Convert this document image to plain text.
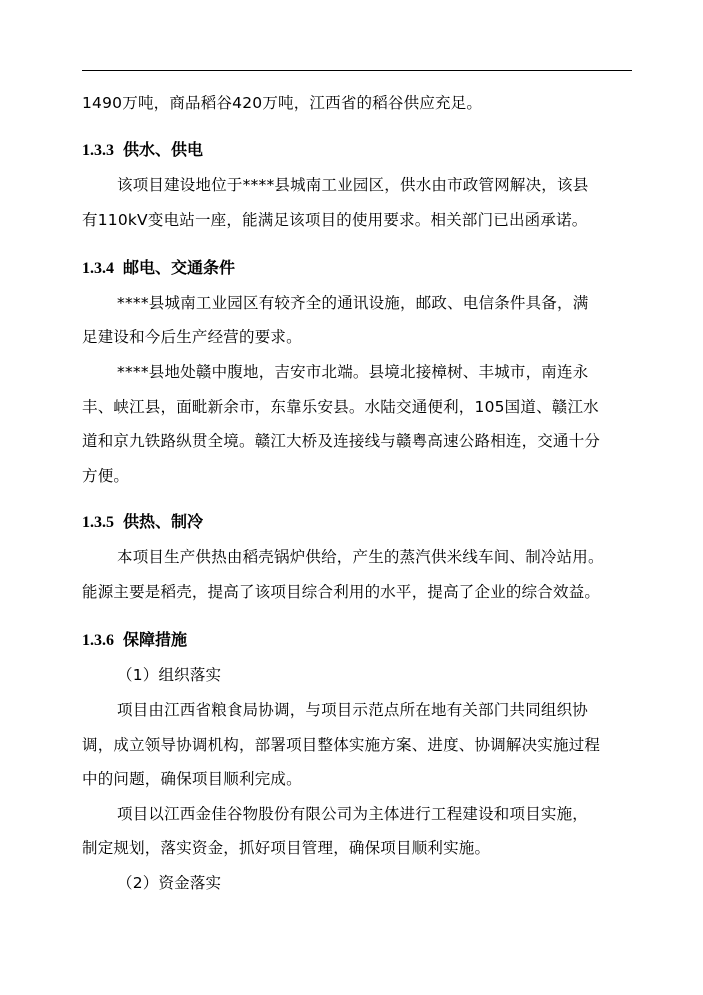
1490万吨，商品稻谷420万吨，江西省的稻谷供应充足。
1.3.3 供水、供电
该项目建设地位于****县城南工业园区，供水由市政管网解决，该县
有110kV变电站一座，能满足该项目的使用要求。相关部门已出函承诺。
1.3.4 邮电、交通条件
****县城南工业园区有较齐全的通讯设施，邮政、电信条件具备，满
足建设和今后生产经营的要求。
****县地处赣中腹地，吉安市北端。县境北接樟树、丰城市，南连永
丰、峡江县，面毗新余市，东靠乐安县。水陆交通便利，105国道、赣江水
道和京九铁路纵贯全境。赣江大桥及连接线与赣粤高速公路相连，交通十分
方便。
1.3.5 供热、制冷
本项目生产供热由稻壳锅炉供给，产生的蒸汽供米线车间、制冷站用。
能源主要是稻壳，提高了该项目综合利用的水平，提高了企业的综合效益。
1.3.6 保障措施
（1）组织落实
项目由江西省粮食局协调，与项目示范点所在地有关部门共同组织协
调，成立领导协调机构，部署项目整体实施方案、进度、协调解决实施过程
中的问题，确保项目顺利完成。
项目以江西金佳谷物股份有限公司为主体进行工程建设和项目实施，
制定规划，落实资金，抓好项目管理，确保项目顺利实施。
（2）资金落实
